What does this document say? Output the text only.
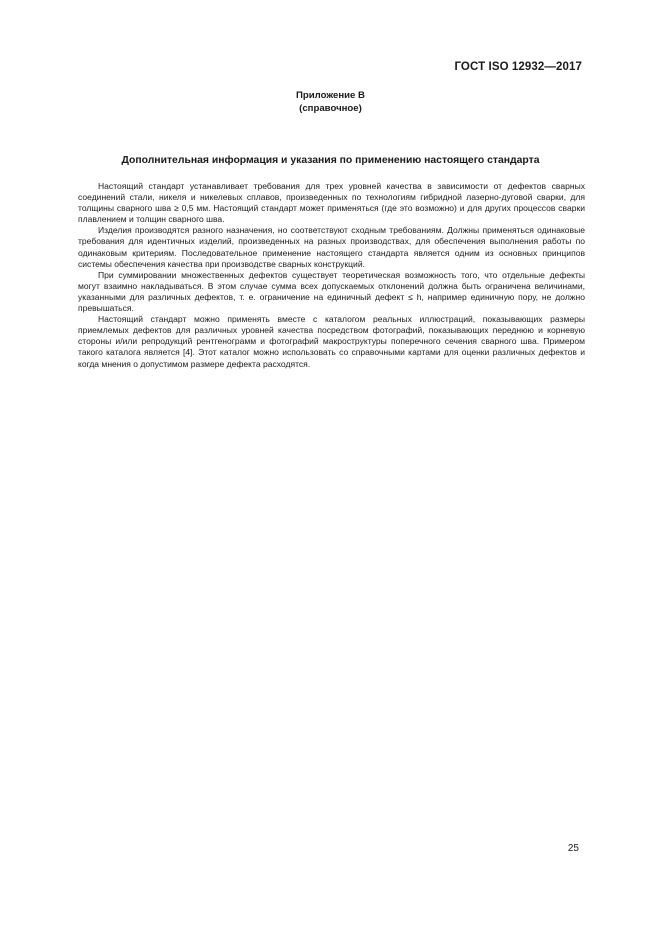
ГОСТ ISO 12932—2017
Приложение В
(справочное)
Дополнительная информация и указания по применению настоящего стандарта

Настоящий стандарт устанавливает требования для трех уровней качества в зависимости от дефектов сварных соединений стали, никеля и никелевых сплавов, произведенных по технологиям гибридной лазерно-дуговой сварки, для толщины сварного шва ≥ 0,5 мм. Настоящий стандарт может применяться (где это возможно) и для других процессов сварки плавлением и толщин сварного шва.

Изделия производятся разного назначения, но соответствуют сходным требованиям. Должны применяться одинаковые требования для идентичных изделий, произведенных на разных производствах, для обеспечения выполнения работы по одинаковым критериям. Последовательное применение настоящего стандарта является одним из основных принципов системы обеспечения качества при производстве сварных конструкций.

При суммировании множественных дефектов существует теоретическая возможность того, что отдельные дефекты могут взаимно накладываться. В этом случае сумма всех допускаемых отклонений должна быть ограничена величинами, указанными для различных дефектов, т. е. ограничение на единичный дефект ≤ h, например единичную пору, не должно превышаться.

Настоящий стандарт можно применять вместе с каталогом реальных иллюстраций, показывающих размеры приемлемых дефектов для различных уровней качества посредством фотографий, показывающих переднюю и корневую стороны и/или репродукций рентгенограмм и фотографий макроструктуры поперечного сечения сварного шва. Примером такого каталога является [4]. Этот каталог можно использовать со справочными картами для оценки различных дефектов и когда мнения о допустимом размере дефекта расходятся.

25
